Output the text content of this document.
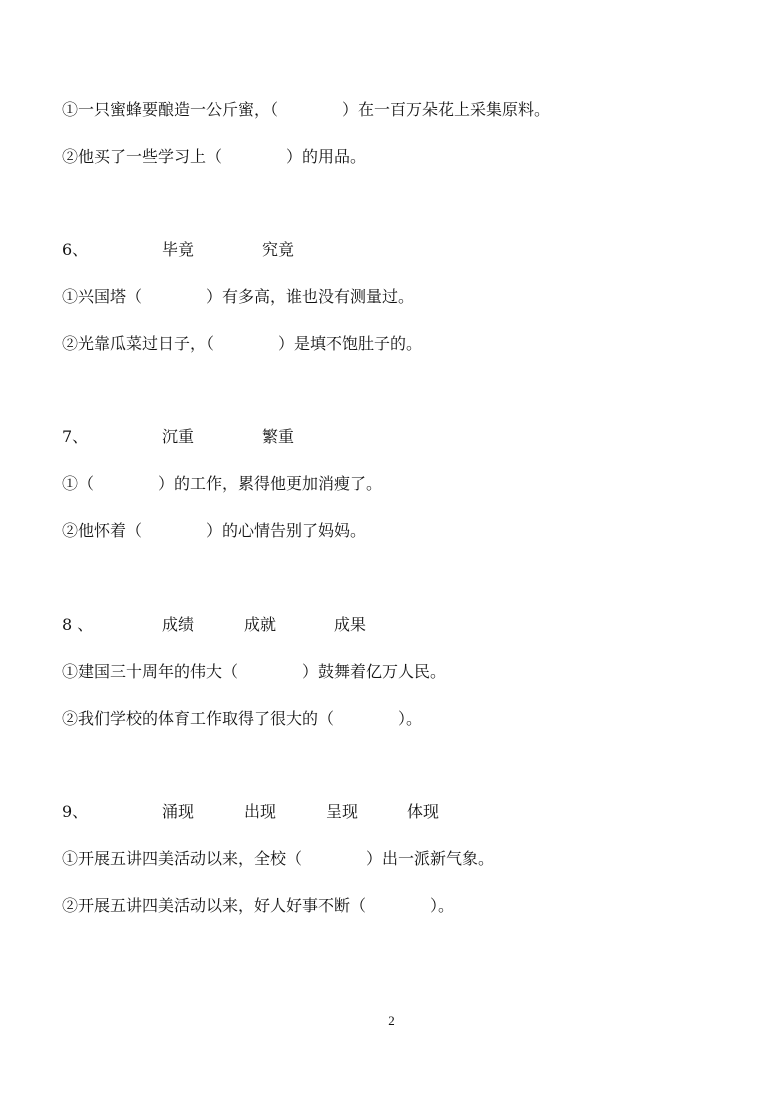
①一只蜜蜂要酿造一公斤蜜，（　　　　）在一百万朵花上采集原料。
②他买了一些学习上（　　　　）的用品。
6、	毕竟	究竟
①兴国塔（　　　　）有多高，谁也没有测量过。
②光靠瓜菜过日子，（　　　　）是填不饱肚子的。
7、	沉重	繁重
①（　　　　）的工作，累得他更加消瘦了。
②他怀着（　　　　）的心情告别了妈妈。
8 、	成绩	成就	成果
①建国三十周年的伟大（　　　　）鼓舞着亿万人民。
②我们学校的体育工作取得了很大的（　　　　）。
9、	涌现	出现	呈现	体现
①开展五讲四美活动以来，全校（　　　　）出一派新气象。
②开展五讲四美活动以来，好人好事不断（　　　　）。
2
